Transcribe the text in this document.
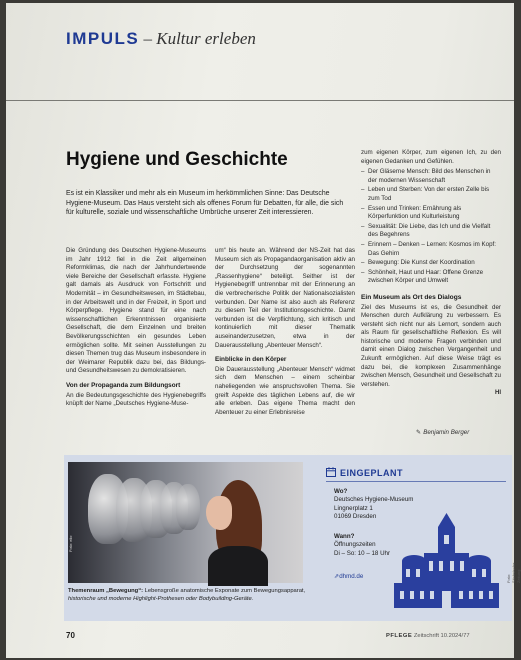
IMPULS – Kultur erleben
Hygiene und Geschichte

Es ist ein Klassiker und mehr als ein Museum im herkömmlichen Sinne: Das Deutsche Hygiene-Museum. Das Haus versteht sich als offenes Forum für Debatten, für alle, die sich für kulturelle, soziale und wissenschaftliche Umbrüche unserer Zeit interessieren.

Die Gründung des Deutschen Hygiene-Museums im Jahr 1912 fiel in die Zeit allgemeinen Reformklimas, die nach der Jahrhundertwende viele Bereiche der Gesellschaft erfasste. Hygiene galt damals als Ausdruck von Fortschritt und Modernität – im Gesundheitswesen, im Städtebau, in der Arbeitswelt und in der Freizeit, in Sport und Körperpflege. Hygiene stand für eine nach wissenschaftlichen Erkenntnissen organisierte Gesellschaft, die dem Einzelnen und breiten Bevölkerungsschichten ein gesundes Leben ermöglichen sollte. Mit seinen Ausstellungen zu diesen Themen trug das Museum insbesondere in der Weimarer Republik dazu bei, das Bildungs- und Gesundheitswesen zu demokratisieren.

Von der Propaganda zum Bildungsort

An die Bedeutungsgeschichte des Hygienebegriffs knüpft der Name „Deutsches Hygiene-Muse-

um“ bis heute an. Während der NS-Zeit hat das Museum sich als Propagandaorganisation aktiv an der Durchsetzung der sogenannten „Rassenhygiene“ beteiligt. Seither ist der Hygienebegriff untrennbar mit der Erinnerung an die verbrecherische Politik der Nationalsozialisten verbunden. Der Name ist also auch als Referenz zu diesem Teil der Institutionsgeschichte. Damit verbunden ist die Verpflichtung, sich kritisch und kontinuierlich mit dieser Thematik auseinanderzusetzen, etwa in der Dauerausstellung „Abenteuer Mensch“.

Einblicke in den Körper

Die Dauerausstellung „Abenteuer Mensch“ widmet sich dem Menschen – einem scheinbar naheliegenden wie anspruchsvollen Thema. Sie greift Aspekte des täglichen Lebens auf, die wir alle erleben. Das eigene Thema macht den Abenteuer zu einer Erlebnisreise

zum eigenen Körper, zum eigenen Ich, zu den eigenen Gedanken und Gefühlen.

– Der Gläserne Mensch: Bild des Menschen in der modernen Wissenschaft
– Leben und Sterben: Von der ersten Zelle bis zum Tod
– Essen und Trinken: Ernährung als Körperfunktion und Kulturleistung
– Sexualität: Die Liebe, das Ich und die Vielfalt des Begehrens
– Erinnern – Denken – Lernen: Kosmos im Kopf: Das Gehirn
– Bewegung: Die Kunst der Koordination
– Schönheit, Haut und Haar: Offene Grenze zwischen Körper und Umwelt
Ein Museum als Ort des Dialogs

Ziel des Museums ist es, die Gesundheit der Menschen durch Aufklärung zu verbessern. Es versteht sich nicht nur als Lernort, sondern auch als Raum für gesellschaftliche Reflexion. Es will historische und moderne Fragen verbinden und damit einen Dialog zwischen Vergangenheit und Zukunft ermöglichen. Auf diese Weise trägt es dazu bei, die komplexen Zusammenhänge zwischen Mensch, Gesundheit und Gesellschaft zu verstehen.

HI

✎ Benjamin Berger
Foto: elio

Themenraum „Bewegung“: Lebensgroße anatomische Exponate zum Bewegungsapparat, historische und moderne Highlight-Prothesen oder Bodybuilding-Geräte.

EINGEPLANT
Wo?
Deutsches Hygiene-Museum
Lingnerplatz 1
01069 Dresden
Wann?
Öffnungszeiten
Di – So: 10 – 18 Uhr
⇗dhmd.de	Foto: Sächsische Zeitung
70	PFLEGE Zeitschrift 10.2024/77
